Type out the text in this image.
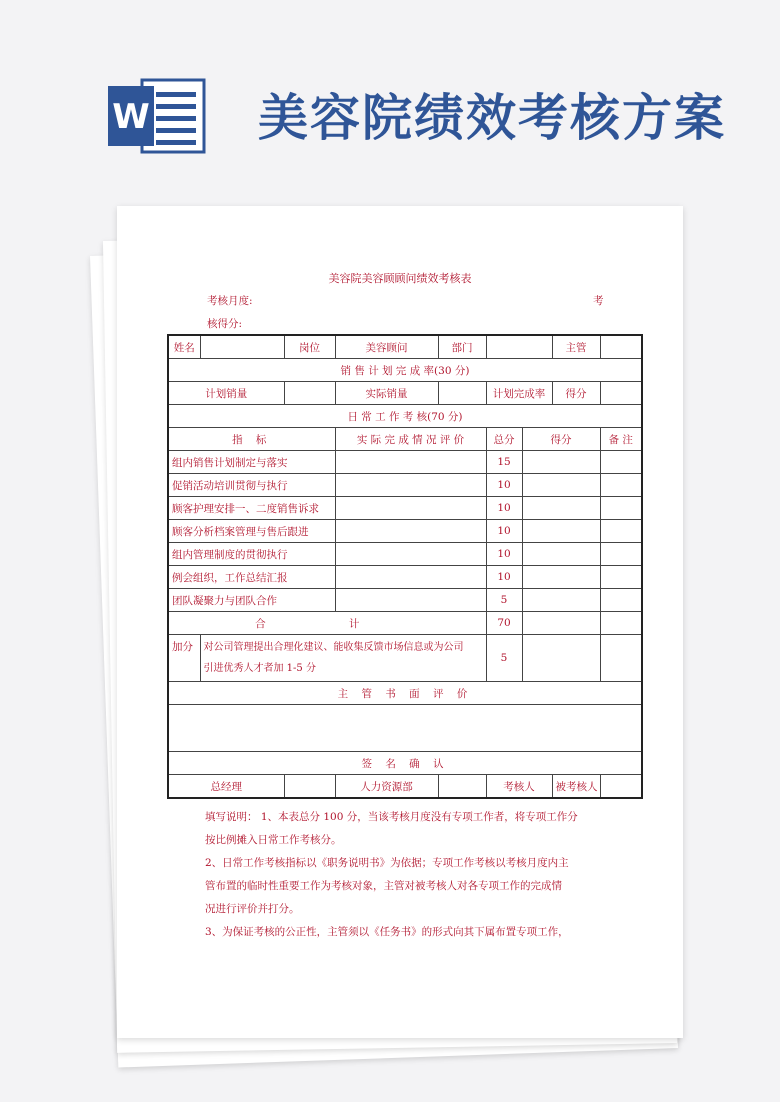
W 美容院绩效考核方案
美容院美容顾顾问绩效考核表
考核月度:	考
核得分:
姓名		岗位	美容顾问	部门			主管	
销 售 计 划 完 成 率(30 分)								
计划销量			实际销量		计划完成率		得分	
日 常 工 作 考 核(70 分)								
指 标			实 际 完 成 情 况 评 价		总分	得分		备 注
组内销售计划制定与落实					15			
促销活动培训贯彻与执行					10			
顾客护理安排一、二度销售诉求					10			
顾客分析档案管理与售后跟进					10			
组内管理制度的贯彻执行					10			
例会组织，工作总结汇报					10			
团队凝聚力与团队合作					5			
合 计					70			
加分	对公司管理提出合理化建议、能收集反馈市场信息或为公司
引进优秀人才者加 1-5 分				5			
主 管 书 面 评 价								

签 名 确 认								
总经理			人力资源部		考核人		被考核人	

填写说明： 1、本表总分 100 分，当该考核月度没有专项工作者，将专项工作分

按比例摊入日常工作考核分。

2、日常工作考核指标以《职务说明书》为依据；专项工作考核以考核月度内主

管布置的临时性重要工作为考核对象，主管对被考核人对各专项工作的完成情

况进行评价并打分。

3、为保证考核的公正性，主管须以《任务书》的形式向其下属布置专项工作，
